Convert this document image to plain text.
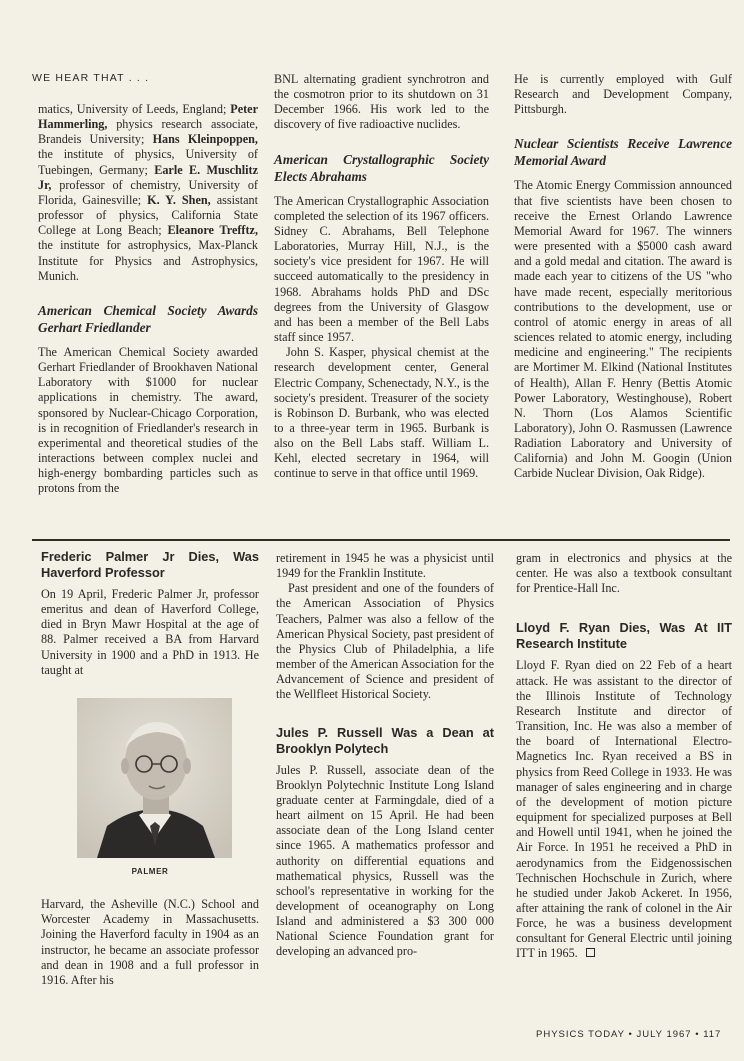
WE HEAR THAT . . .

matics, University of Leeds, England; Peter Hammerling, physics research associate, Brandeis University; Hans Kleinpoppen, the institute of physics, University of Tuebingen, Germany; Earle E. Muschlitz Jr, professor of chemistry, University of Florida, Gainesville; K. Y. Shen, assistant professor of physics, California State College at Long Beach; Eleanore Trefftz, the institute for astrophysics, Max-Planck Institute for Physics and Astrophysics, Munich.

American Chemical Society Awards Gerhart Friedlander

The American Chemical Society awarded Gerhart Friedlander of Brookhaven National Laboratory with $1000 for nuclear applications in chemistry. The award, sponsored by Nuclear-Chicago Corporation, is in recognition of Friedlander's research in experimental and theoretical studies of the interactions between complex nuclei and high-energy bombarding particles such as protons from the

BNL alternating gradient synchrotron and the cosmotron prior to its shutdown on 31 December 1966. His work led to the discovery of five radioactive nuclides.

American Crystallographic Society Elects Abrahams

The American Crystallographic Association completed the selection of its 1967 officers. Sidney C. Abrahams, Bell Telephone Laboratories, Murray Hill, N.J., is the society's vice president for 1967. He will succeed automatically to the presidency in 1968. Abrahams holds PhD and DSc degrees from the University of Glasgow and has been a member of the Bell Labs staff since 1957.

John S. Kasper, physical chemist at the research development center, General Electric Company, Schenectady, N.Y., is the society's president. Treasurer of the society is Robinson D. Burbank, who was elected to a three-year term in 1965. Burbank is also on the Bell Labs staff. William L. Kehl, elected secretary in 1964, will continue to serve in that office until 1969.

He is currently employed with Gulf Research and Development Company, Pittsburgh.

Nuclear Scientists Receive Lawrence Memorial Award

The Atomic Energy Commission announced that five scientists have been chosen to receive the Ernest Orlando Lawrence Memorial Award for 1967. The winners were presented with a $5000 cash award and a gold medal and citation. The award is made each year to citizens of the US "who have made recent, especially meritorious contributions to the development, use or control of atomic energy in areas of all sciences related to atomic energy, including medicine and engineering." The recipients are Mortimer M. Elkind (National Institutes of Health), Allan F. Henry (Bettis Atomic Power Laboratory, Westinghouse), Robert N. Thorn (Los Alamos Scientific Laboratory), John O. Rasmussen (Lawrence Radiation Laboratory and University of California) and John M. Googin (Union Carbide Nuclear Division, Oak Ridge).

Frederic Palmer Jr Dies, Was Haverford Professor

On 19 April, Frederic Palmer Jr, professor emeritus and dean of Haverford College, died in Bryn Mawr Hospital at the age of 88. Palmer received a BA from Harvard University in 1900 and a PhD in 1913. He taught at

PALMER

Harvard, the Asheville (N.C.) School and Worcester Academy in Massachusetts. Joining the Haverford faculty in 1904 as an instructor, he became an associate professor and dean in 1908 and a full professor in 1916. After his

retirement in 1945 he was a physicist until 1949 for the Franklin Institute.

Past president and one of the founders of the American Association of Physics Teachers, Palmer was also a fellow of the American Physical Society, past president of the Physics Club of Philadelphia, a life member of the American Association for the Advancement of Science and president of the Wellfleet Historical Society.

Jules P. Russell Was a Dean at Brooklyn Polytech

Jules P. Russell, associate dean of the Brooklyn Polytechnic Institute Long Island graduate center at Farmingdale, died of a heart ailment on 15 April. He had been associate dean of the Long Island center since 1965. A mathematics professor and authority on differential equations and mathematical physics, Russell was the school's representative in working for the development of oceanography on Long Island and administered a $3 300 000 National Science Foundation grant for developing an advanced pro-

gram in electronics and physics at the center. He was also a textbook consultant for Prentice-Hall Inc.

Lloyd F. Ryan Dies, Was At IIT Research Institute

Lloyd F. Ryan died on 22 Feb of a heart attack. He was assistant to the director of the Illinois Institute of Technology Research Institute and director of Transition, Inc. He was also a member of the board of International Electro-Magnetics Inc. Ryan received a BS in physics from Reed College in 1933. He was manager of sales engineering and in charge of the development of motion picture equipment for specialized purposes at Bell and Howell until 1941, when he joined the Air Force. In 1951 he received a PhD in aerodynamics from the Eidgenossischen Technischen Hochschule in Zurich, where he studied under Jakob Ackeret. In 1956, after attaining the rank of colonel in the Air Force, he was a business development consultant for General Electric until joining ITT in 1965.

PHYSICS TODAY • JULY 1967 • 117
